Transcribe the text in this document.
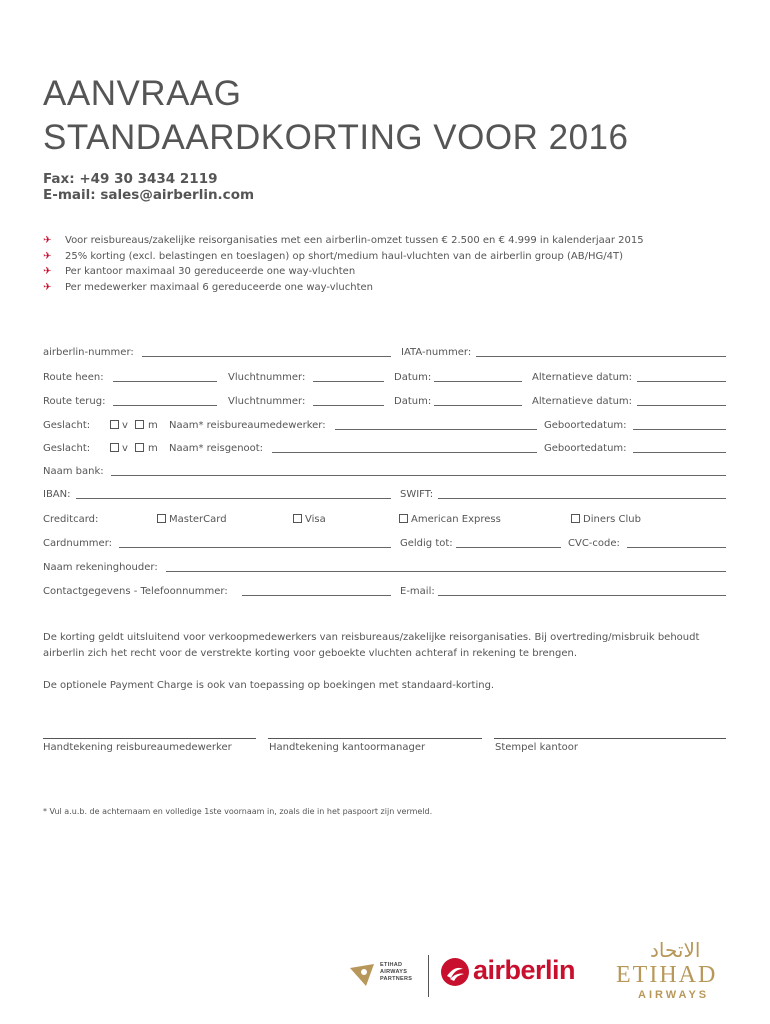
AANVRAAG
STANDAARDKORTING VOOR 2016
Fax: +49 30 3434 2119
E-mail: sales@airberlin.com
✈	Voor reisbureaus/zakelijke reisorganisaties met een airberlin-omzet tussen € 2.500 en € 4.999 in kalenderjaar 2015
✈	25% korting (excl. belastingen en toeslagen) op short/medium haul-vluchten van de airberlin group (AB/HG/4T)
✈	Per kantoor maximaal 30 gereduceerde one way-vluchten
✈	Per medewerker maximaal 6 gereduceerde one way-vluchten
airberlin-nummer:	IATA-nummer:
Route heen:	Vluchtnummer:	Datum:	Alternatieve datum:
Route terug:	Vluchtnummer:	Datum:	Alternatieve datum:
Geslacht:	v m Naam* reisbureaumedewerker:	Geboortedatum:
Geslacht:	v m Naam* reisgenoot:	Geboortedatum:
Naam bank:
IBAN:	SWIFT:
Creditcard:	MasterCard	Visa	American Express	Diners Club
Cardnummer:	Geldig tot:	CVC-code:
Naam rekeninghouder:
Contactgegevens - Telefoonnummer:	E-mail:
De korting geldt uitsluitend voor verkoopmedewerkers van reisbureaus/zakelijke reisorganisaties. Bij overtreding/misbruik behoudt airberlin zich het recht voor de verstrekte korting voor geboekte vluchten achteraf in rekening te brengen.
De optionele Payment Charge is ook van toepassing op boekingen met standaard-korting.
Handtekening reisbureaumedewerker	Handtekening kantoormanager	Stempel kantoor
* Vul a.u.b. de achternaam en volledige 1ste voornaam in, zoals die in het paspoort zijn vermeld.
ETIHAD AIRWAYS PARTNERS airberlin
الاتحاد
ETIHAD
AIRWAYS
